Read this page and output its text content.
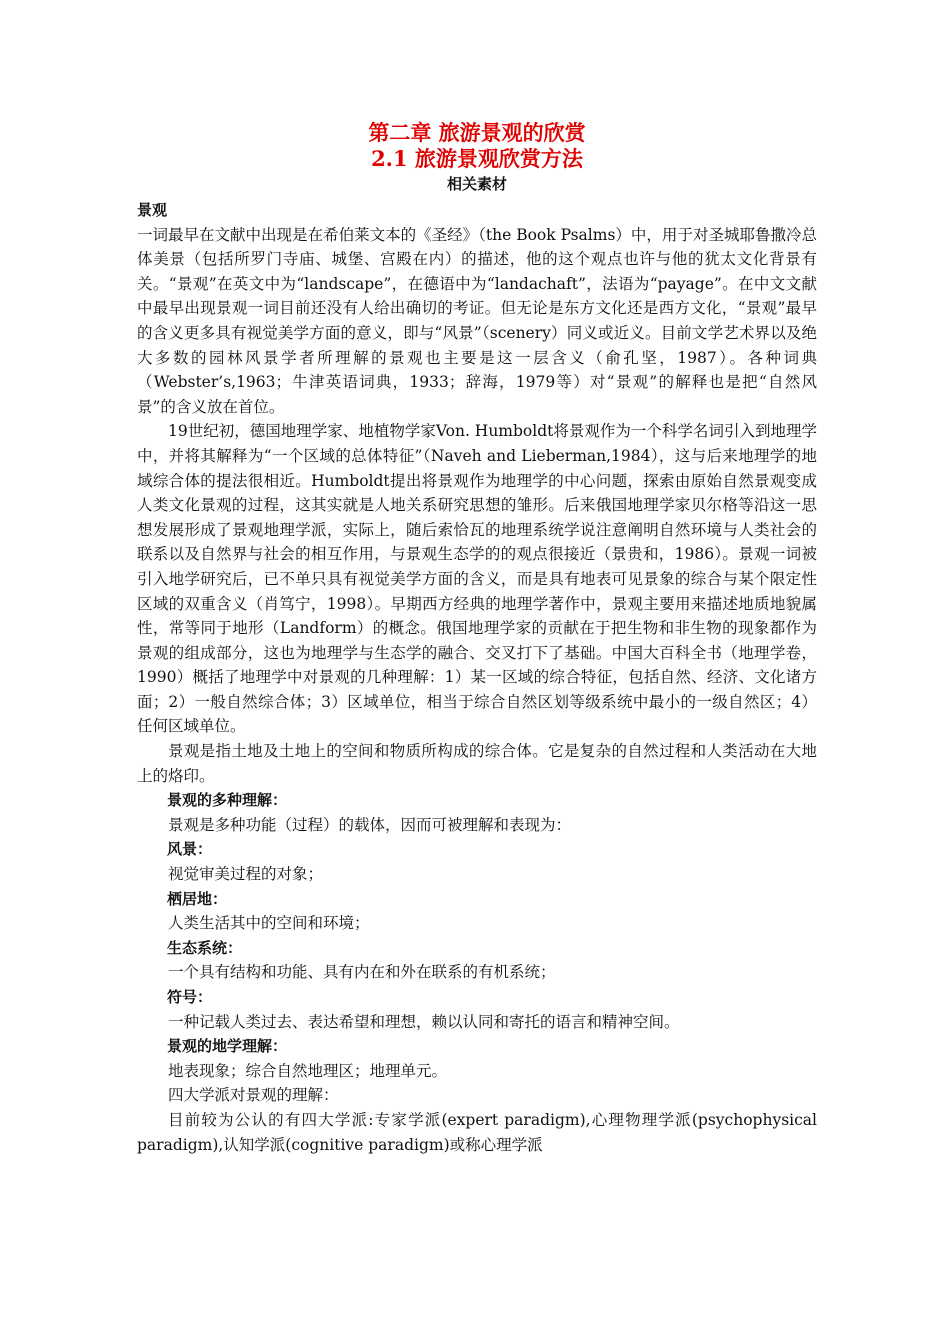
第二章 旅游景观的欣赏
2.1 旅游景观欣赏方法
相关素材
景观

一词最早在文献中出现是在希伯莱文本的《圣经》（the Book Psalms）中，用于对圣城耶鲁撒冷总体美景（包括所罗门寺庙、城堡、宫殿在内）的描述，他的这个观点也许与他的犹太文化背景有关。“景观”在英文中为“landscape”，在德语中为“landachaft”，法语为“payage”。在中文文献中最早出现景观一词目前还没有人给出确切的考证。但无论是东方文化还是西方文化，“景观”最早的含义更多具有视觉美学方面的意义，即与“风景”（scenery）同义或近义。目前文学艺术界以及绝大多数的园林风景学者所理解的景观也主要是这一层含义（俞孔坚，1987）。各种词典（Webster’s,1963；牛津英语词典，1933；辞海，1979等）对“景观”的解释也是把“自然风景”的含义放在首位。

19世纪初，德国地理学家、地植物学家Von. Humboldt将景观作为一个科学名词引入到地理学中，并将其解释为“一个区域的总体特征”（Naveh and Lieberman,1984），这与后来地理学的地域综合体的提法很相近。Humboldt提出将景观作为地理学的中心问题，探索由原始自然景观变成人类文化景观的过程，这其实就是人地关系研究思想的雏形。后来俄国地理学家贝尔格等沿这一思想发展形成了景观地理学派，实际上，随后索恰瓦的地理系统学说注意阐明自然环境与人类社会的联系以及自然界与社会的相互作用，与景观生态学的的观点很接近（景贵和，1986）。景观一词被引入地学研究后，已不单只具有视觉美学方面的含义，而是具有地表可见景象的综合与某个限定性区域的双重含义（肖笃宁，1998）。早期西方经典的地理学著作中，景观主要用来描述地质地貌属性，常等同于地形（Landform）的概念。俄国地理学家的贡献在于把生物和非生物的现象都作为景观的组成部分，这也为地理学与生态学的融合、交叉打下了基础。中国大百科全书（地理学卷，1990）概括了地理学中对景观的几种理解：1）某一区域的综合特征，包括自然、经济、文化诸方面；2）一般自然综合体；3）区域单位，相当于综合自然区划等级系统中最小的一级自然区；4）任何区域单位。

景观是指土地及土地上的空间和物质所构成的综合体。它是复杂的自然过程和人类活动在大地上的烙印。

景观的多种理解：

景观是多种功能（过程）的载体，因而可被理解和表现为：

风景：

视觉审美过程的对象；

栖居地：

人类生活其中的空间和环境；

生态系统：

一个具有结构和功能、具有内在和外在联系的有机系统；

符号：

一种记载人类过去、表达希望和理想，赖以认同和寄托的语言和精神空间。

景观的地学理解：

地表现象；综合自然地理区；地理单元。

四大学派对景观的理解：

目前较为公认的有四大学派:专家学派(expert paradigm),心理物理学派(psychophysical paradigm),认知学派(cognitive paradigm)或称心理学派
